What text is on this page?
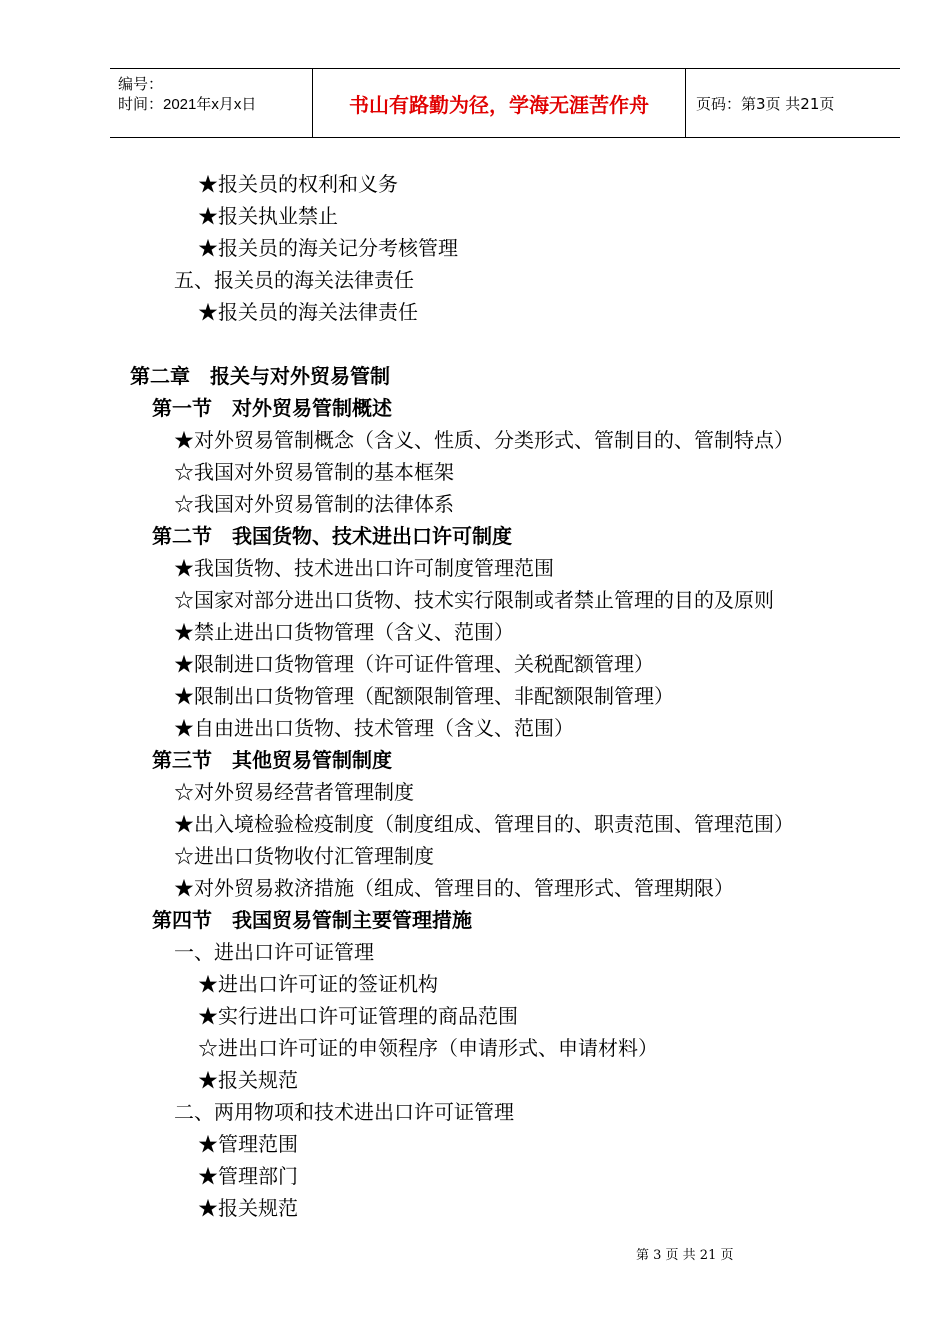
编号：
时间：2021年x月x日	书山有路勤为径，学海无涯苦作舟	页码：第3页 共21页
★报关员的权利和义务
★报关执业禁止
★报关员的海关记分考核管理
五、报关员的海关法律责任
★报关员的海关法律责任
第二章　报关与对外贸易管制
第一节　对外贸易管制概述
★对外贸易管制概念（含义、性质、分类形式、管制目的、管制特点）
☆我国对外贸易管制的基本框架
☆我国对外贸易管制的法律体系
第二节　我国货物、技术进出口许可制度
★我国货物、技术进出口许可制度管理范围
☆国家对部分进出口货物、技术实行限制或者禁止管理的目的及原则
★禁止进出口货物管理（含义、范围）
★限制进口货物管理（许可证件管理、关税配额管理）
★限制出口货物管理（配额限制管理、非配额限制管理）
★自由进出口货物、技术管理（含义、范围）
第三节　其他贸易管制制度
☆对外贸易经营者管理制度
★出入境检验检疫制度（制度组成、管理目的、职责范围、管理范围）
☆进出口货物收付汇管理制度
★对外贸易救济措施（组成、管理目的、管理形式、管理期限）
第四节　我国贸易管制主要管理措施
一、进出口许可证管理
★进出口许可证的签证机构
★实行进出口许可证管理的商品范围
☆进出口许可证的申领程序（申请形式、申请材料）
★报关规范
二、两用物项和技术进出口许可证管理
★管理范围
★管理部门
★报关规范
第 3 页 共 21 页
